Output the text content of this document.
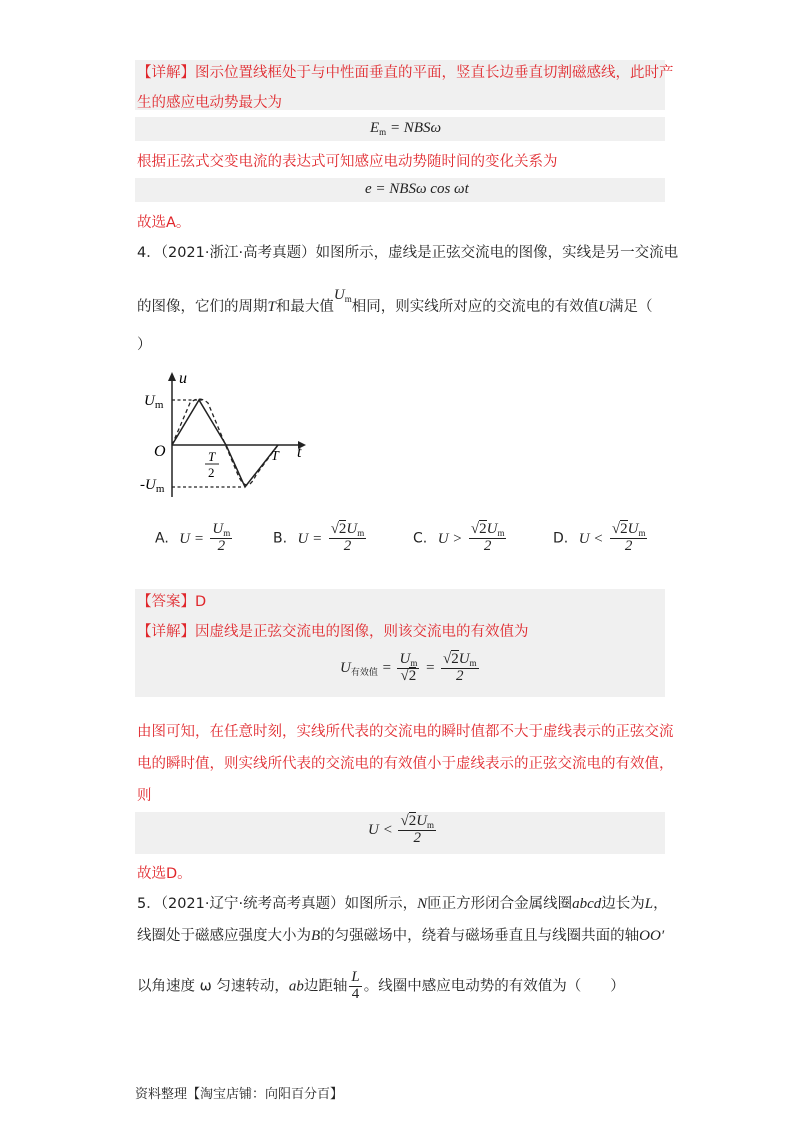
【详解】图示位置线框处于与中性面垂直的平面，竖直长边垂直切割磁感线，此时产
生的感应电动势最大为
$E_m = NBS\omega$
根据正弦式交变电流的表达式可知感应电动势随时间的变化关系为
e = NBSω cos ωt
故选A。
4．（2021·浙江·高考真题）如图所示，虚线是正弦交流电的图像，实线是另一交流电
的图像，它们的周期T和最大值$U_m$相同，则实线所对应的交流电的有效值U满足（
）
u
t
O
$U_m$
$-U_m$
T
2
T
A. $U = \frac{U_m}{2}$	B. $U = \frac{√2U_m}{2}$	C. $U > \frac{√2U_m}{2}$	D. $U < \frac{√2U_m}{2}$
【答案】D
【详解】因虚线是正弦交流电的图像，则该交流电的有效值为
$U_{有效值} = \frac{U_m}{√2} = \frac{√2U_m}{2}$
由图可知，在任意时刻，实线所代表的交流电的瞬时值都不大于虚线表示的正弦交流
电的瞬时值，则实线所代表的交流电的有效值小于虚线表示的正弦交流电的有效值，
则
$U < \frac{√2U_m}{2}$
故选D。
5．（2021·辽宁·统考高考真题）如图所示，N匝正方形闭合金属线圈abcd边长为L，
线圈处于磁感应强度大小为B的匀强磁场中，绕着与磁场垂直且与线圈共面的轴OO′
以角速度 ω 匀速转动，ab边距轴 $\frac{L}{4}$ 。线圈中感应电动势的有效值为（　　）
资料整理【淘宝店铺：向阳百分百】
